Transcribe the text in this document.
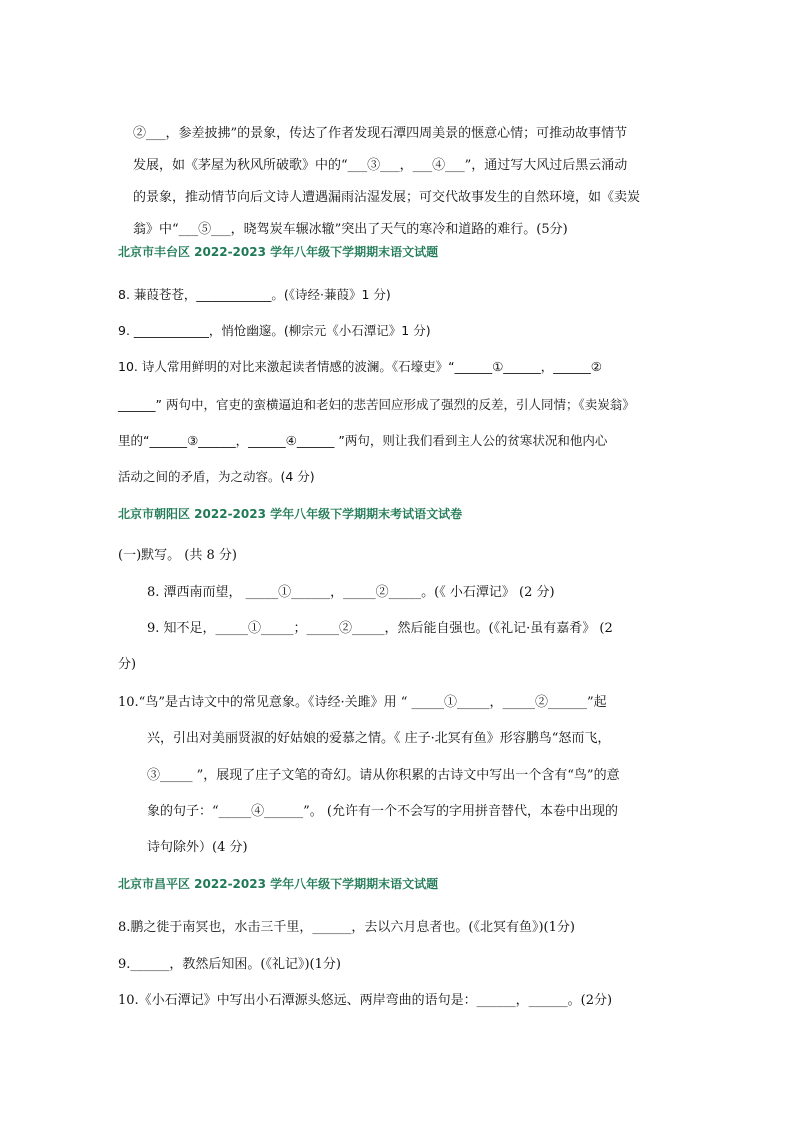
②___，参差披拂”的景象，传达了作者发现石潭四周美景的惬意心情；可推动故事情节
发展，如《茅屋为秋风所破歌》中的“___③___，___④___”，通过写大风过后黑云涌动
的景象，推动情节向后文诗人遭遇漏雨沾湿发展；可交代故事发生的自然环境，如《卖炭
翁》中“___⑤___，晓驾炭车辗冰辙”突出了天气的寒冷和道路的难行。(5分)
北京市丰台区 2022-2023 学年八年级下学期期末语文试题
8. 蒹葭苍苍，____________。(《诗经·蒹葭》1 分)
9. ____________，悄怆幽邃。(柳宗元《小石潭记》1 分)
10. 诗人常用鲜明的对比来激起读者情感的波澜。《石壕吏》“______①______，______②
______” 两句中，官吏的蛮横逼迫和老妇的悲苦回应形成了强烈的反差，引人同情；《卖炭翁》
里的“______③______，______④______ ”两句，则让我们看到主人公的贫寒状况和他内心
活动之间的矛盾，为之动容。(4 分)
北京市朝阳区 2022-2023 学年八年级下学期期末考试语文试卷
(一)默写。 (共 8 分)
8. 潭西南而望， _____①______，_____②_____。(《 小石潭记》 (2 分)
9. 知不足，_____①_____；_____②_____，然后能自强也。(《礼记·虽有嘉肴》 (2
分)
10.“鸟”是古诗文中的常见意象。《诗经·关雎》用 “ _____①_____，_____②______”起
兴，引出对美丽贤淑的好姑娘的爱慕之情。《 庄子·北冥有鱼》形容鹏鸟“怒而飞，
③_____ ”，展现了庄子文笔的奇幻。请从你积累的古诗文中写出一个含有“鸟”的意
象的句子：“_____④______”。 (允许有一个不会写的字用拼音替代，本卷中出现的
诗句除外）(4 分)
北京市昌平区 2022-2023 学年八年级下学期期末语文试题
8.鹏之徙于南冥也，水击三千里，______，去以六月息者也。(《北冥有鱼》)(1分)
9.______，教然后知困。(《礼记》)(1分)
10.《小石潭记》中写出小石潭源头悠远、两岸弯曲的语句是：______，______。(2分)
